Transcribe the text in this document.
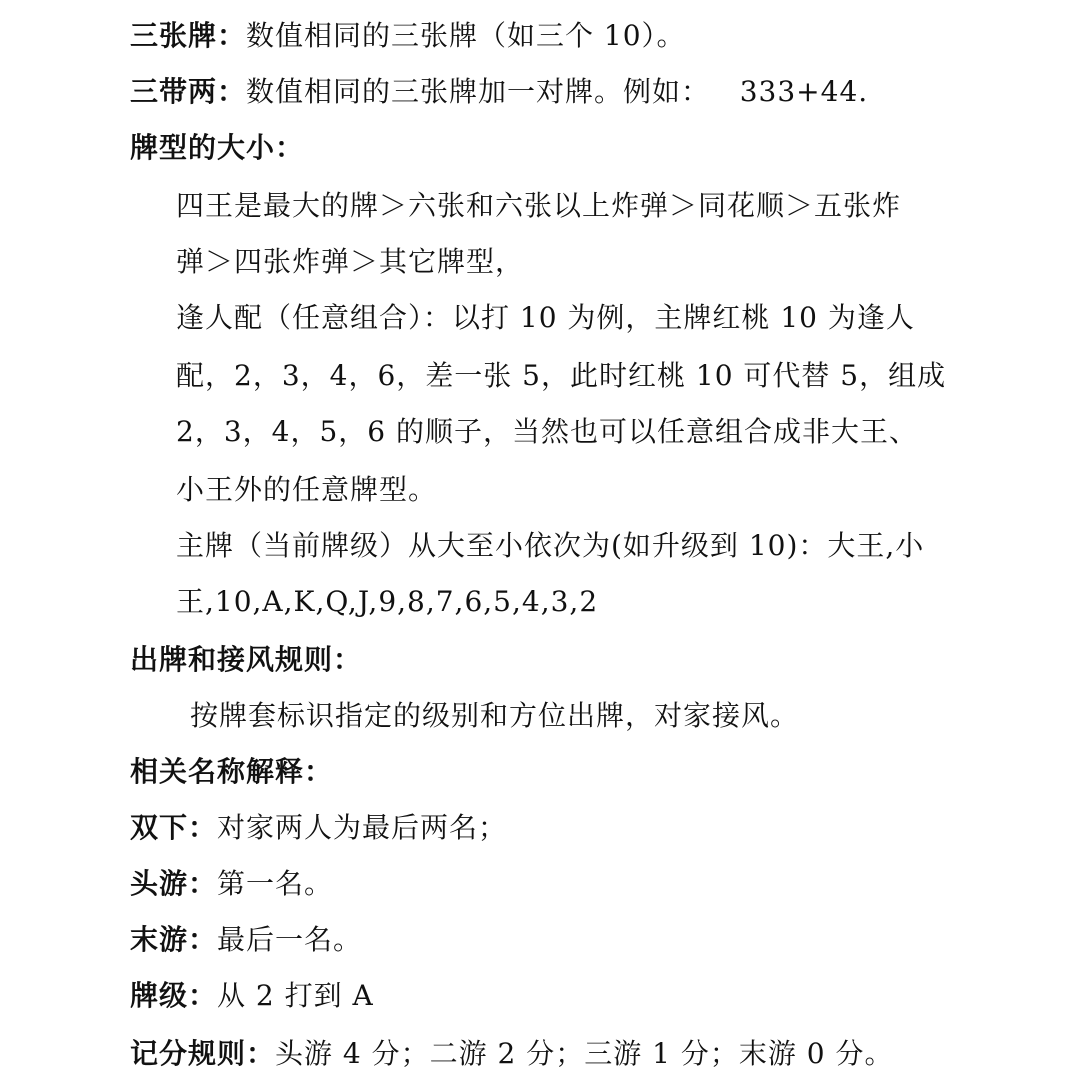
三张牌：数值相同的三张牌（如三个 10）。
三带两：数值相同的三张牌加一对牌。例如：   333+44.
牌型的大小：
四王是最大的牌＞六张和六张以上炸弹＞同花顺＞五张炸
弹＞四张炸弹＞其它牌型，
逢人配（任意组合）：以打 10 为例，主牌红桃 10 为逢人
配，2，3，4，6，差一张 5，此时红桃 10 可代替 5，组成
2，3，4，5，6 的顺子，当然也可以任意组合成非大王、
小王外的任意牌型。
主牌（当前牌级）从大至小依次为(如升级到 10)：大王,小
王,10,A,K,Q,J,9,8,7,6,5,4,3,2
出牌和接风规则：
按牌套标识指定的级别和方位出牌，对家接风。
相关名称解释：
双下：对家两人为最后两名；
头游：第一名。
末游：最后一名。
牌级：从 2 打到 A
记分规则：头游 4 分；二游 2 分；三游 1 分；末游 0 分。
